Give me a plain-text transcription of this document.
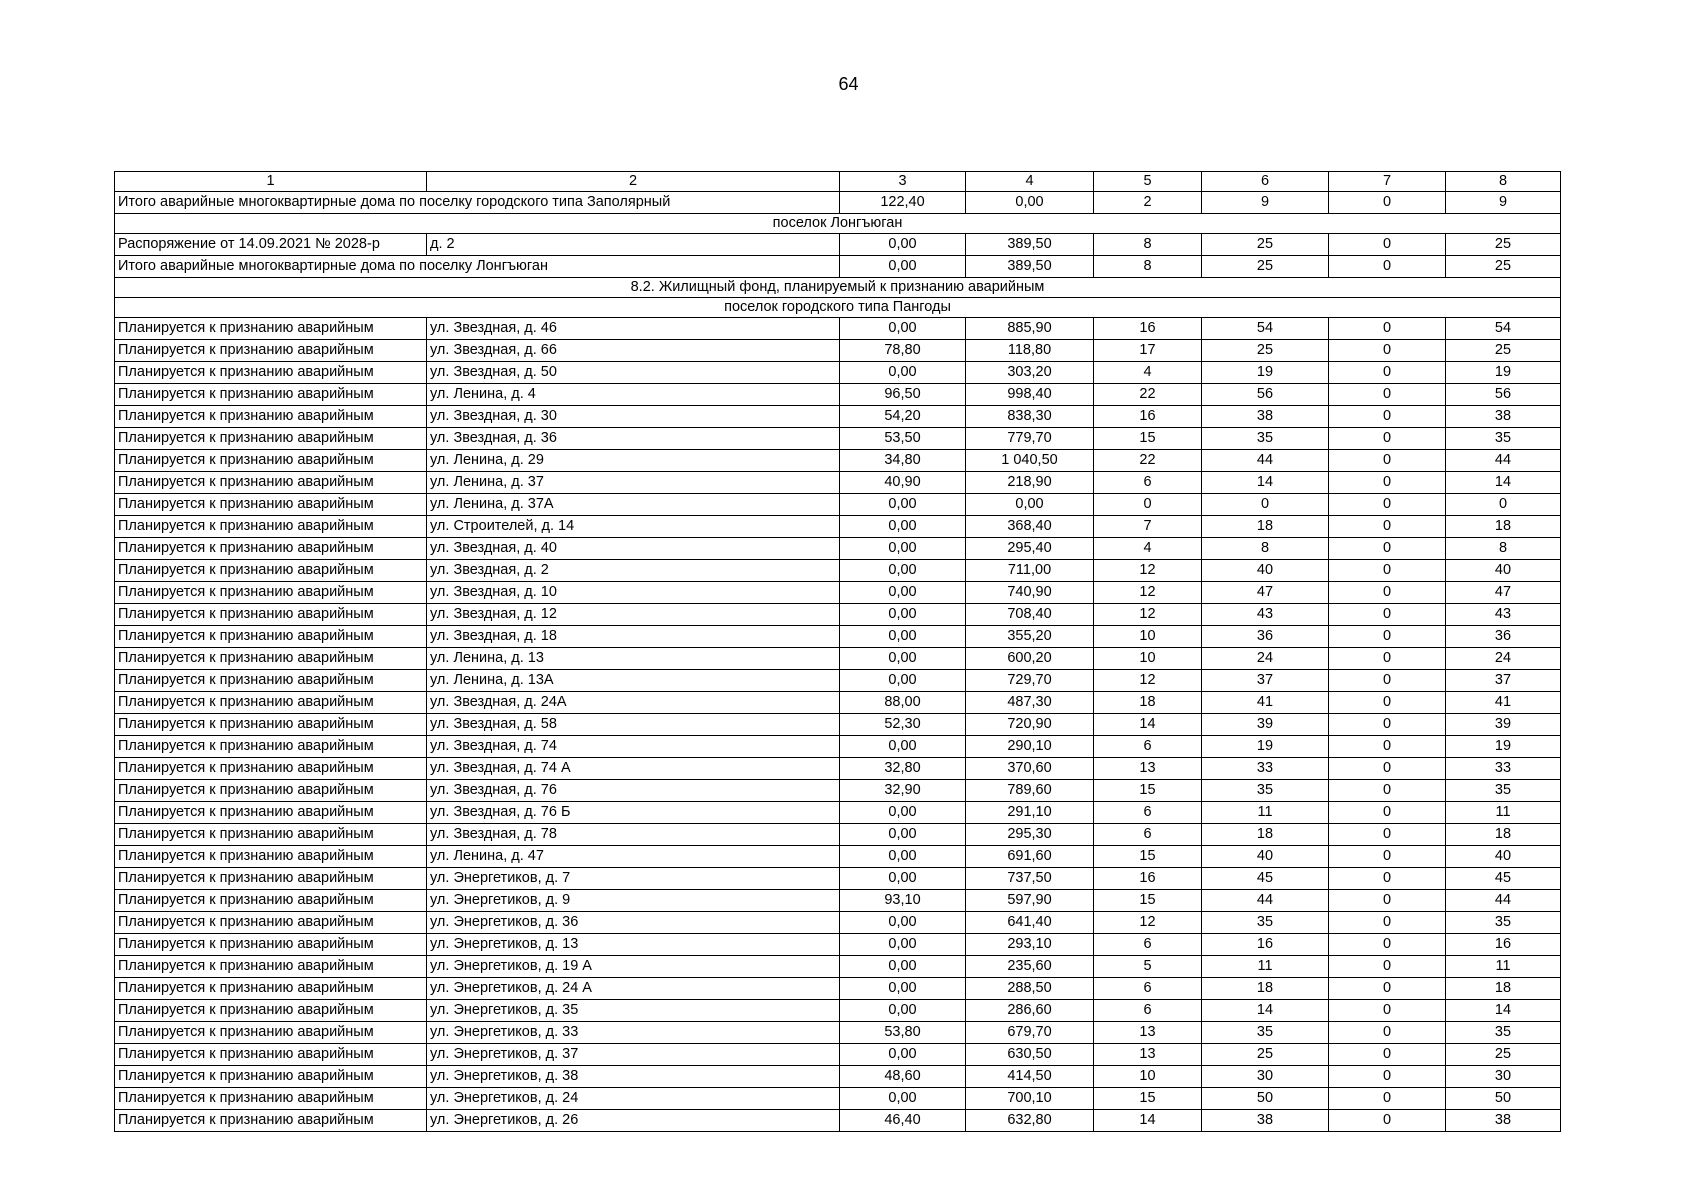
64
1	2	3	4	5	6	7	8
Итого аварийные многоквартирные дома по поселку городского типа Заполярный		122,40	0,00	2	9	0	9
поселок Лонгъюган							
Распоряжение от 14.09.2021 № 2028-р	д. 2	0,00	389,50	8	25	0	25
Итого аварийные многоквартирные дома по поселку Лонгъюган		0,00	389,50	8	25	0	25
8.2. Жилищный фонд, планируемый к признанию аварийным							
поселок городского типа Пангоды							
Планируется к признанию аварийным	ул. Звездная, д. 46	0,00	885,90	16	54	0	54
Планируется к признанию аварийным	ул. Звездная, д. 66	78,80	118,80	17	25	0	25
Планируется к признанию аварийным	ул. Звездная, д. 50	0,00	303,20	4	19	0	19
Планируется к признанию аварийным	ул. Ленина, д. 4	96,50	998,40	22	56	0	56
Планируется к признанию аварийным	ул. Звездная, д. 30	54,20	838,30	16	38	0	38
Планируется к признанию аварийным	ул. Звездная, д. 36	53,50	779,70	15	35	0	35
Планируется к признанию аварийным	ул. Ленина, д. 29	34,80	1 040,50	22	44	0	44
Планируется к признанию аварийным	ул. Ленина, д. 37	40,90	218,90	6	14	0	14
Планируется к признанию аварийным	ул. Ленина, д. 37А	0,00	0,00	0	0	0	0
Планируется к признанию аварийным	ул. Строителей, д. 14	0,00	368,40	7	18	0	18
Планируется к признанию аварийным	ул. Звездная, д. 40	0,00	295,40	4	8	0	8
Планируется к признанию аварийным	ул. Звездная, д. 2	0,00	711,00	12	40	0	40
Планируется к признанию аварийным	ул. Звездная, д. 10	0,00	740,90	12	47	0	47
Планируется к признанию аварийным	ул. Звездная, д. 12	0,00	708,40	12	43	0	43
Планируется к признанию аварийным	ул. Звездная, д. 18	0,00	355,20	10	36	0	36
Планируется к признанию аварийным	ул. Ленина, д. 13	0,00	600,20	10	24	0	24
Планируется к признанию аварийным	ул. Ленина, д. 13А	0,00	729,70	12	37	0	37
Планируется к признанию аварийным	ул. Звездная, д. 24А	88,00	487,30	18	41	0	41
Планируется к признанию аварийным	ул. Звездная, д. 58	52,30	720,90	14	39	0	39
Планируется к признанию аварийным	ул. Звездная, д. 74	0,00	290,10	6	19	0	19
Планируется к признанию аварийным	ул. Звездная, д. 74 А	32,80	370,60	13	33	0	33
Планируется к признанию аварийным	ул. Звездная, д. 76	32,90	789,60	15	35	0	35
Планируется к признанию аварийным	ул. Звездная, д. 76 Б	0,00	291,10	6	11	0	11
Планируется к признанию аварийным	ул. Звездная, д. 78	0,00	295,30	6	18	0	18
Планируется к признанию аварийным	ул. Ленина, д. 47	0,00	691,60	15	40	0	40
Планируется к признанию аварийным	ул. Энергетиков, д. 7	0,00	737,50	16	45	0	45
Планируется к признанию аварийным	ул. Энергетиков, д. 9	93,10	597,90	15	44	0	44
Планируется к признанию аварийным	ул. Энергетиков, д. 36	0,00	641,40	12	35	0	35
Планируется к признанию аварийным	ул. Энергетиков, д. 13	0,00	293,10	6	16	0	16
Планируется к признанию аварийным	ул. Энергетиков, д. 19 А	0,00	235,60	5	11	0	11
Планируется к признанию аварийным	ул. Энергетиков, д. 24 А	0,00	288,50	6	18	0	18
Планируется к признанию аварийным	ул. Энергетиков, д. 35	0,00	286,60	6	14	0	14
Планируется к признанию аварийным	ул. Энергетиков, д. 33	53,80	679,70	13	35	0	35
Планируется к признанию аварийным	ул. Энергетиков, д. 37	0,00	630,50	13	25	0	25
Планируется к признанию аварийным	ул. Энергетиков, д. 38	48,60	414,50	10	30	0	30
Планируется к признанию аварийным	ул. Энергетиков, д. 24	0,00	700,10	15	50	0	50
Планируется к признанию аварийным	ул. Энергетиков, д. 26	46,40	632,80	14	38	0	38
